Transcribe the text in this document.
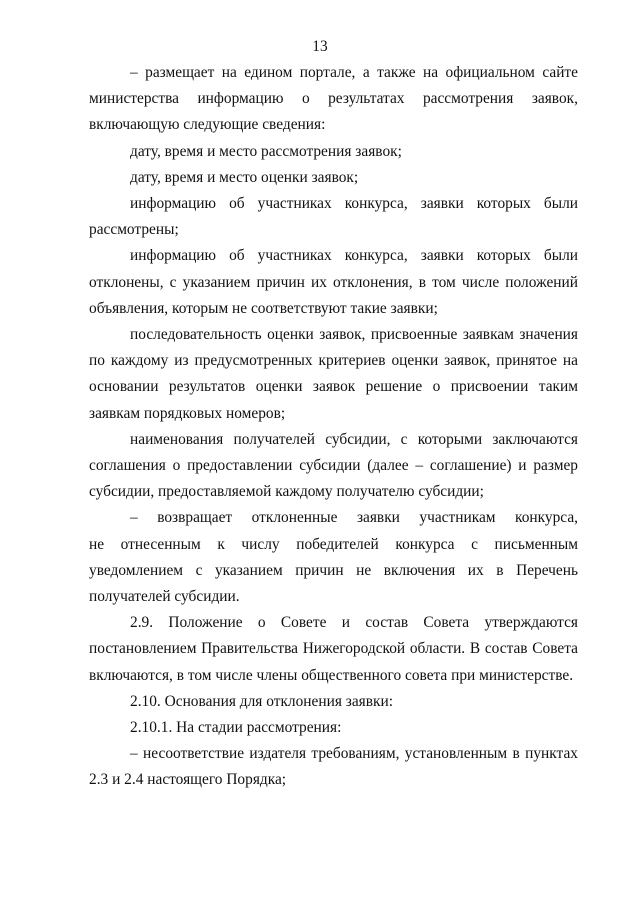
13
– размещает на едином портале, а также на официальном сайте
министерства информацию о результатах рассмотрения заявок,
включающую следующие сведения:
дату, время и место рассмотрения заявок;
дату, время и место оценки заявок;
информацию об участниках конкурса, заявки которых были
рассмотрены;
информацию об участниках конкурса, заявки которых были
отклонены, с указанием причин их отклонения, в том числе положений
объявления, которым не соответствуют такие заявки;
последовательность оценки заявок, присвоенные заявкам значения
по каждому из предусмотренных критериев оценки заявок, принятое на
основании результатов оценки заявок решение о присвоении таким
заявкам порядковых номеров;
наименования получателей субсидии, с которыми заключаются
соглашения о предоставлении субсидии (далее – соглашение) и размер
субсидии, предоставляемой каждому получателю субсидии;
– возвращает отклоненные заявки участникам конкурса,
не отнесенным к числу победителей конкурса с письменным
уведомлением с указанием причин не включения их в Перечень
получателей субсидии.
2.9. Положение о Совете и состав Совета утверждаются
постановлением Правительства Нижегородской области. В состав Совета
включаются, в том числе члены общественного совета при министерстве.
2.10. Основания для отклонения заявки:
2.10.1. На стадии рассмотрения:
– несоответствие издателя требованиям, установленным в пунктах
2.3 и 2.4 настоящего Порядка;
